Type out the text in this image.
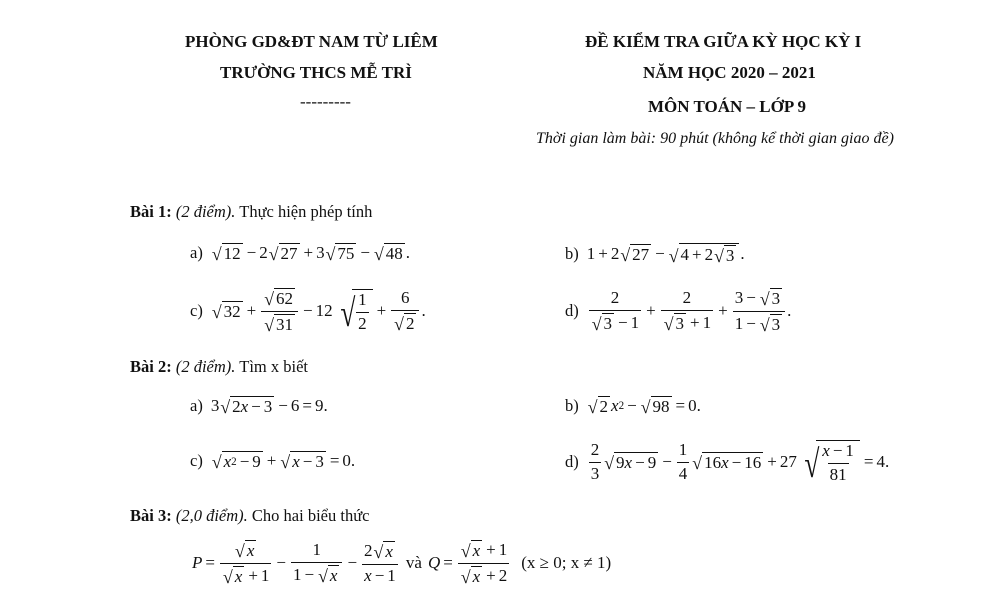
PHÒNG GD&ĐT NAM TỪ LIÊM
TRƯỜNG THCS MỄ TRÌ
---------
ĐỀ KIỂM TRA GIỮA KỲ HỌC KỲ I
NĂM HỌC 2020 – 2021
MÔN TOÁN – LỚP 9
Thời gian làm bài: 90 phút (không kể thời gian giao đề)
Bài 1: (2 điểm). Thực hiện phép tính
a) √ 12 − 2 √ 27 + 3 √ 75 − √ 48 .	b) 1 + 2 √ 27 − √ 4 + 2 √ 3 .
c) √ $32 + \frac{√ 62}{√ 31} - 12$ √ $\frac{1}{2} + \frac{6}{√ 2}$ .	$d) \frac{2}{√ 3 - 1} + \frac{2}{√ 3 + 1} + \frac{3 - √ 3}{1 - √ 3}$ .
Bài 2: (2 điểm). Tìm x biết
a) 3 √ 2 x − 3 − 6 = 9.	b) √ 2 x 2 − √ 98 = 0.
c) √ x 2 − 9 + √ x − 3 = 0.	$d) \frac{2}{3}$ √ 9 $x - 9 - \frac{1}{4}$ √ 16 x − 16 + 27 √ $\frac{x - 1}{81} = 4$.
Bài 3: (2,0 điểm). Cho hai biểu thức
$P = \frac{√ x}{√ x + 1} - \frac{1}{1 - √ x} - \frac{2 √ x}{x - 1}$ và $Q = \frac{√ x + 1}{√ x + 2} (x \ge 0$; x ≠ 1)
